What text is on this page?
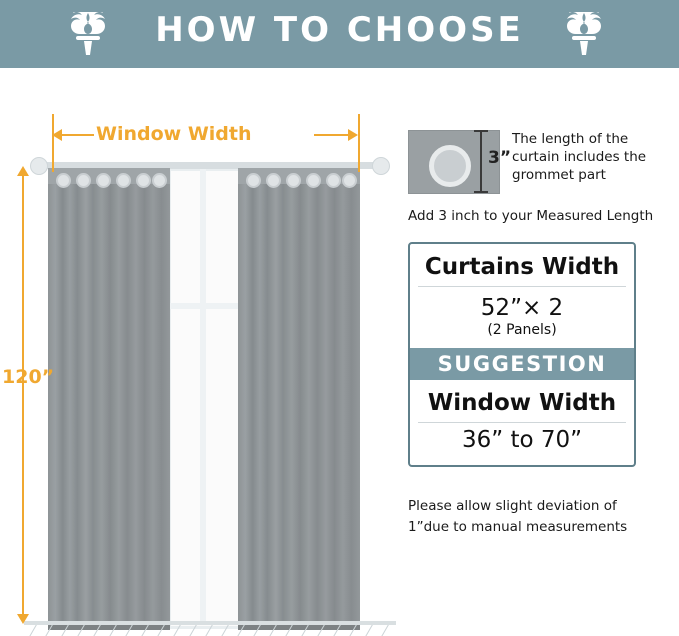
HOW TO CHOOSE
Window Width
120”
3”
The length of the curtain includes the grommet part
Add 3 inch to your Measured Length
Curtains Width
52”× 2
(2 Panels)
SUGGESTION
Window Width
36” to 70”
Please allow slight deviation of
1”due to manual measurements
